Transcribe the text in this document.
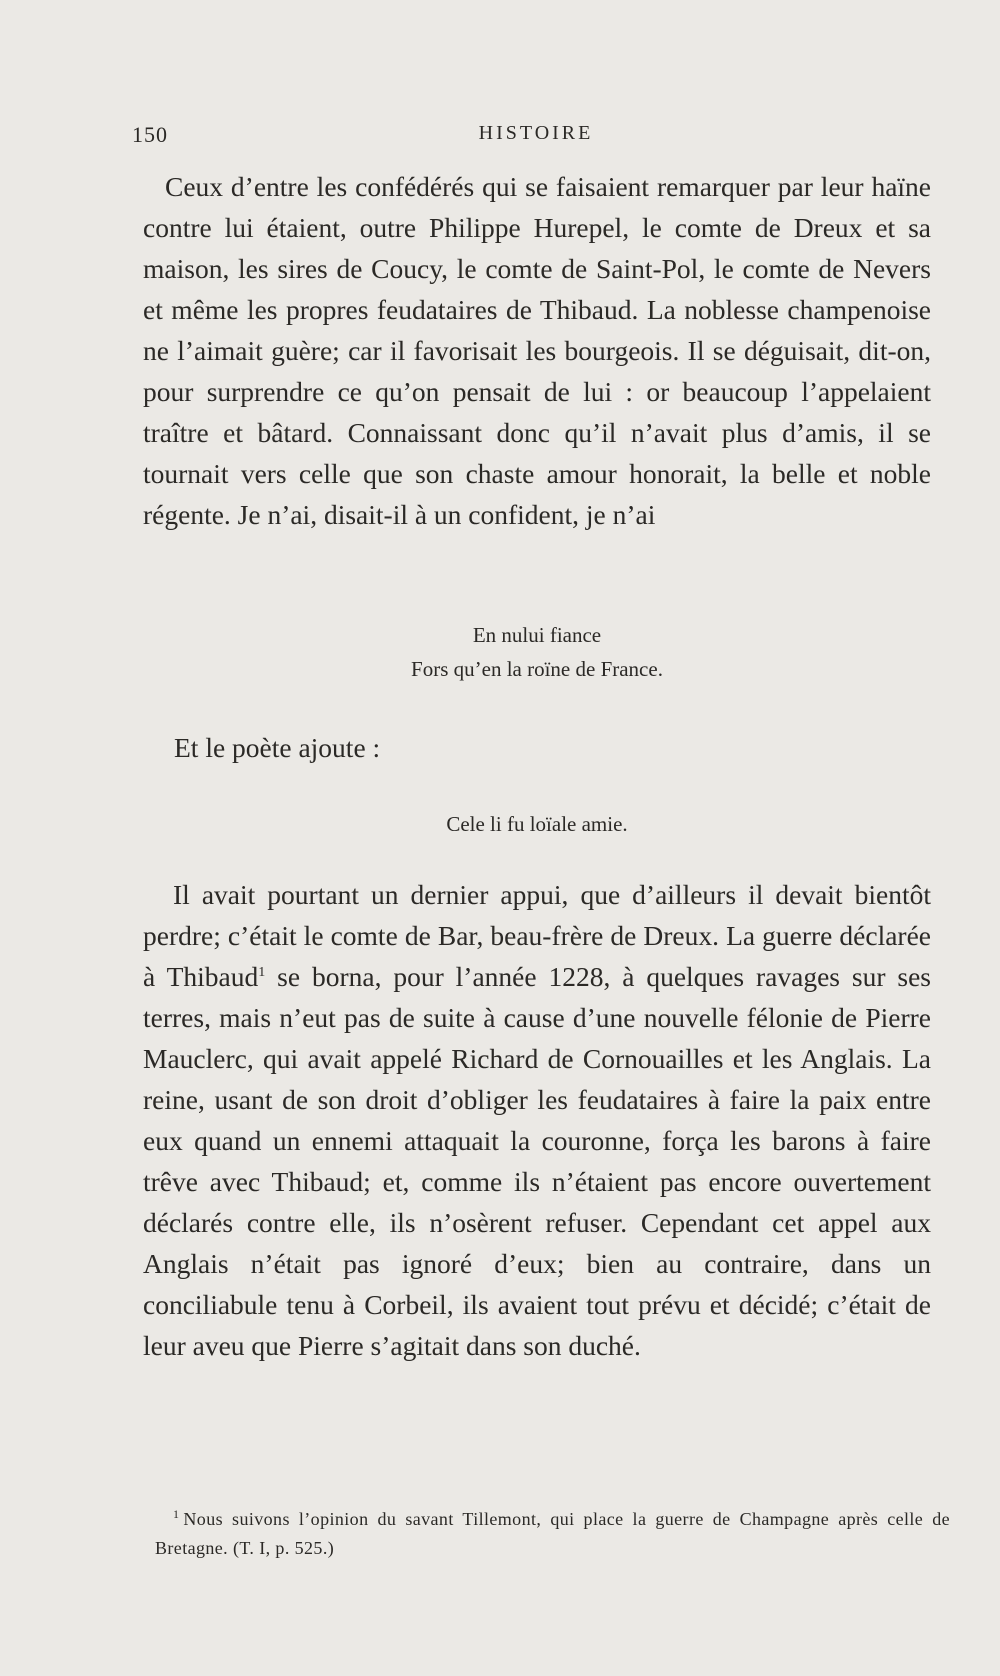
150	HISTOIRE

Ceux d’entre les confédérés qui se faisaient remarquer par leur haïne contre lui étaient, outre Philippe Hurepel, le comte de Dreux et sa maison, les sires de Coucy, le comte de Saint-Pol, le comte de Nevers et même les propres feudataires de Thibaud. La noblesse champenoise ne l’aimait guère; car il favorisait les bourgeois. Il se déguisait, dit-on, pour surprendre ce qu’on pensait de lui : or beaucoup l’appelaient traître et bâtard. Connaissant donc qu’il n’avait plus d’amis, il se tournait vers celle que son chaste amour honorait, la belle et noble régente. Je n’ai, disait-il à un confident, je n’ai

En nului fiance
Fors qu’en la roïne de France.
Et le poète ajoute :
Cele li fu loïale amie.

Il avait pourtant un dernier appui, que d’ailleurs il devait bientôt perdre; c’était le comte de Bar, beau-frère de Dreux. La guerre déclarée à Thibaud$^1$ se borna, pour l’année 1228, à quelques ravages sur ses terres, mais n’eut pas de suite à cause d’une nouvelle félonie de Pierre Mauclerc, qui avait appelé Richard de Cornouailles et les Anglais. La reine, usant de son droit d’obliger les feudataires à faire la paix entre eux quand un ennemi attaquait la couronne, força les barons à faire trêve avec Thibaud; et, comme ils n’étaient pas encore ouvertement déclarés contre elle, ils n’osèrent refuser. Cependant cet appel aux Anglais n’était pas ignoré d’eux; bien au contraire, dans un conciliabule tenu à Corbeil, ils avaient tout prévu et décidé; c’était de leur aveu que Pierre s’agitait dans son duché.

$^1$ Nous suivons l’opinion du savant Tillemont, qui place la guerre de Champagne après celle de Bretagne. (T. I, p. 525.)
